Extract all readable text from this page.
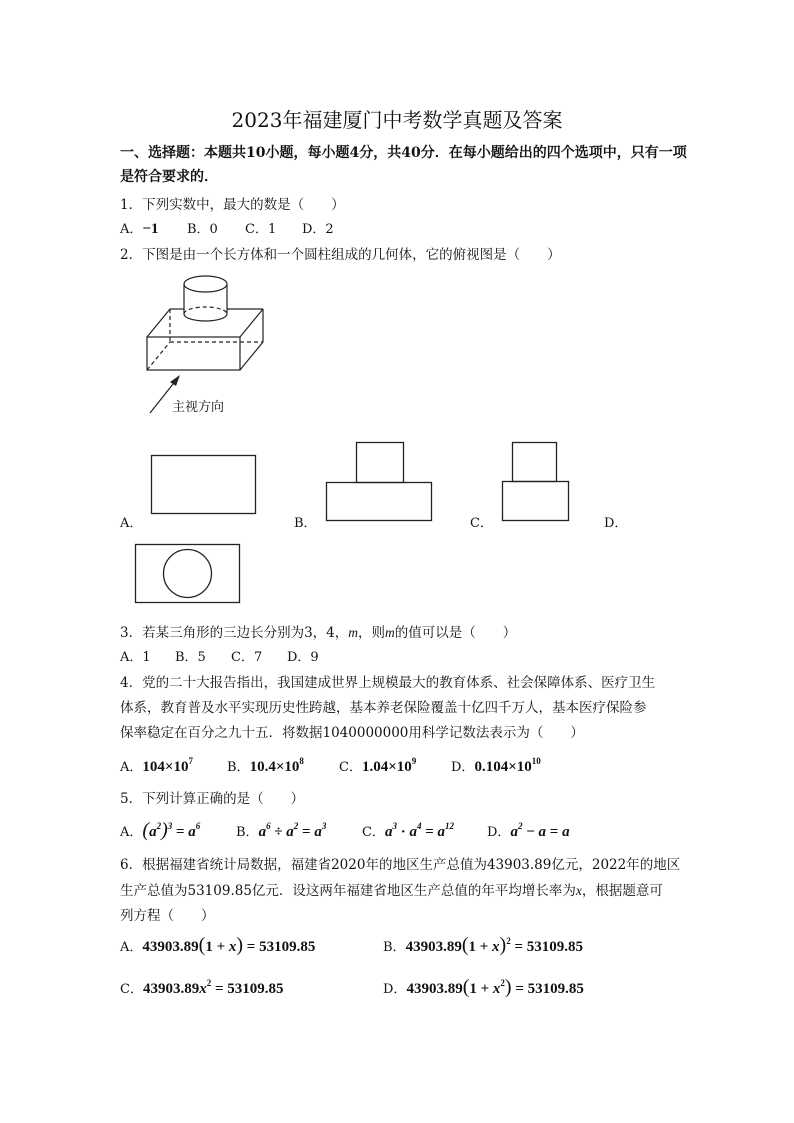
2023年福建厦门中考数学真题及答案
一、选择题：本题共10小题，每小题4分，共40分．在每小题给出的四个选项中，只有一项
是符合要求的．
1．下列实数中，最大的数是（　　）
A．−1 B．0 C．1 D．2
2．下图是由一个长方体和一个圆柱组成的几何体，它的俯视图是（　　）
主视方向
A．	B．	C．	D．
3．若某三角形的三边长分别为3，4，m，则m的值可以是（　　）
A．1 B．5 C．7 D．9
4．党的二十大报告指出，我国建成世界上规模最大的教育体系、社会保障体系、医疗卫生
体系，教育普及水平实现历史性跨越，基本养老保险覆盖十亿四千万人，基本医疗保险参
保率稳定在百分之九十五．将数据1040000000用科学记数法表示为（　　）
A．$104\times 10^7$	B．$10.4\times 10^8$	C．$1.04\times 10^9$	D．$0.104\times 10^{10}$
5．下列计算正确的是（　　）
A．$(a^2)^3 = a^6$	B．$a^6 \div a^2 = a^3$	C．$a^3 \cdot a^4 = a^{12}$	D．$a^2 - a = a$
6．根据福建省统计局数据，福建省2020年的地区生产总值为43903.89亿元，2022年的地区
生产总值为53109.85亿元．设这两年福建省地区生产总值的年平均增长率为x，根据题意可
列方程（　　）
A．43903.89(1 + x) = 53109.85	B．$43903.89(1 + x)^2 = 53109.85$
C．$43903.89x^2 = 53109.85$	D．$43903.89(1 + x^2) = 53109.85$
